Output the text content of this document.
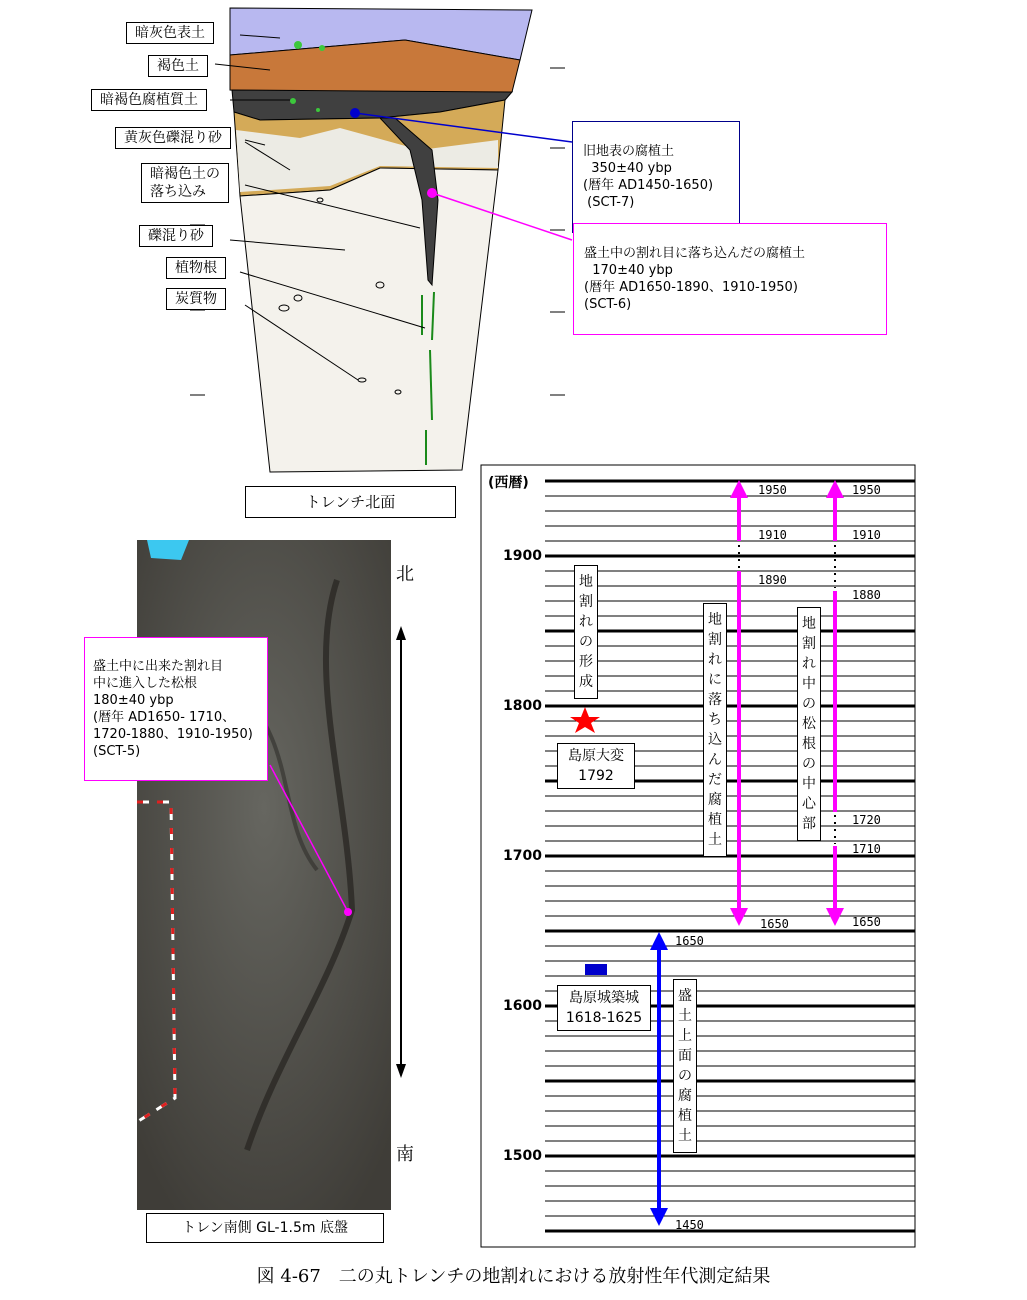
暗灰色表土
褐色土
暗褐色腐植質土
黄灰色礫混り砂
暗褐色土の
落ち込み
礫混り砂
植物根
炭質物

旧地表の腐植土
350±40 ybp
(暦年 AD1450-1650)
(SCT-7)

盛土中の割れ目に落ち込んだの腐植土
170±40 ybp
(暦年 AD1650-1890、1910-1950)
(SCT-6)

トレンチ北面
北
南

盛土中に出来た割れ目
中に進入した松根
180±40 ybp
(暦年 AD1650- 1710、
1720-1880、1910-1950)
(SCT-5)

トレン南側 GL-1.5m 底盤
(西暦)
1900
1800
1700
1600
1500
地
割
れ
の
形
成
地
割
れ
に
落
ち
込
ん
だ
腐
植
土
地
割
れ
中
の
松
根
の
中
心
部
盛
土
上
面
の
腐
植
土
島原大変
1792
島原城築城
1618-1625
1950
1910
1890
1650
1950
1910
1880
1720
1710
1650
1650
1450
図 4-67　二の丸トレンチの地割れにおける放射性年代測定結果
